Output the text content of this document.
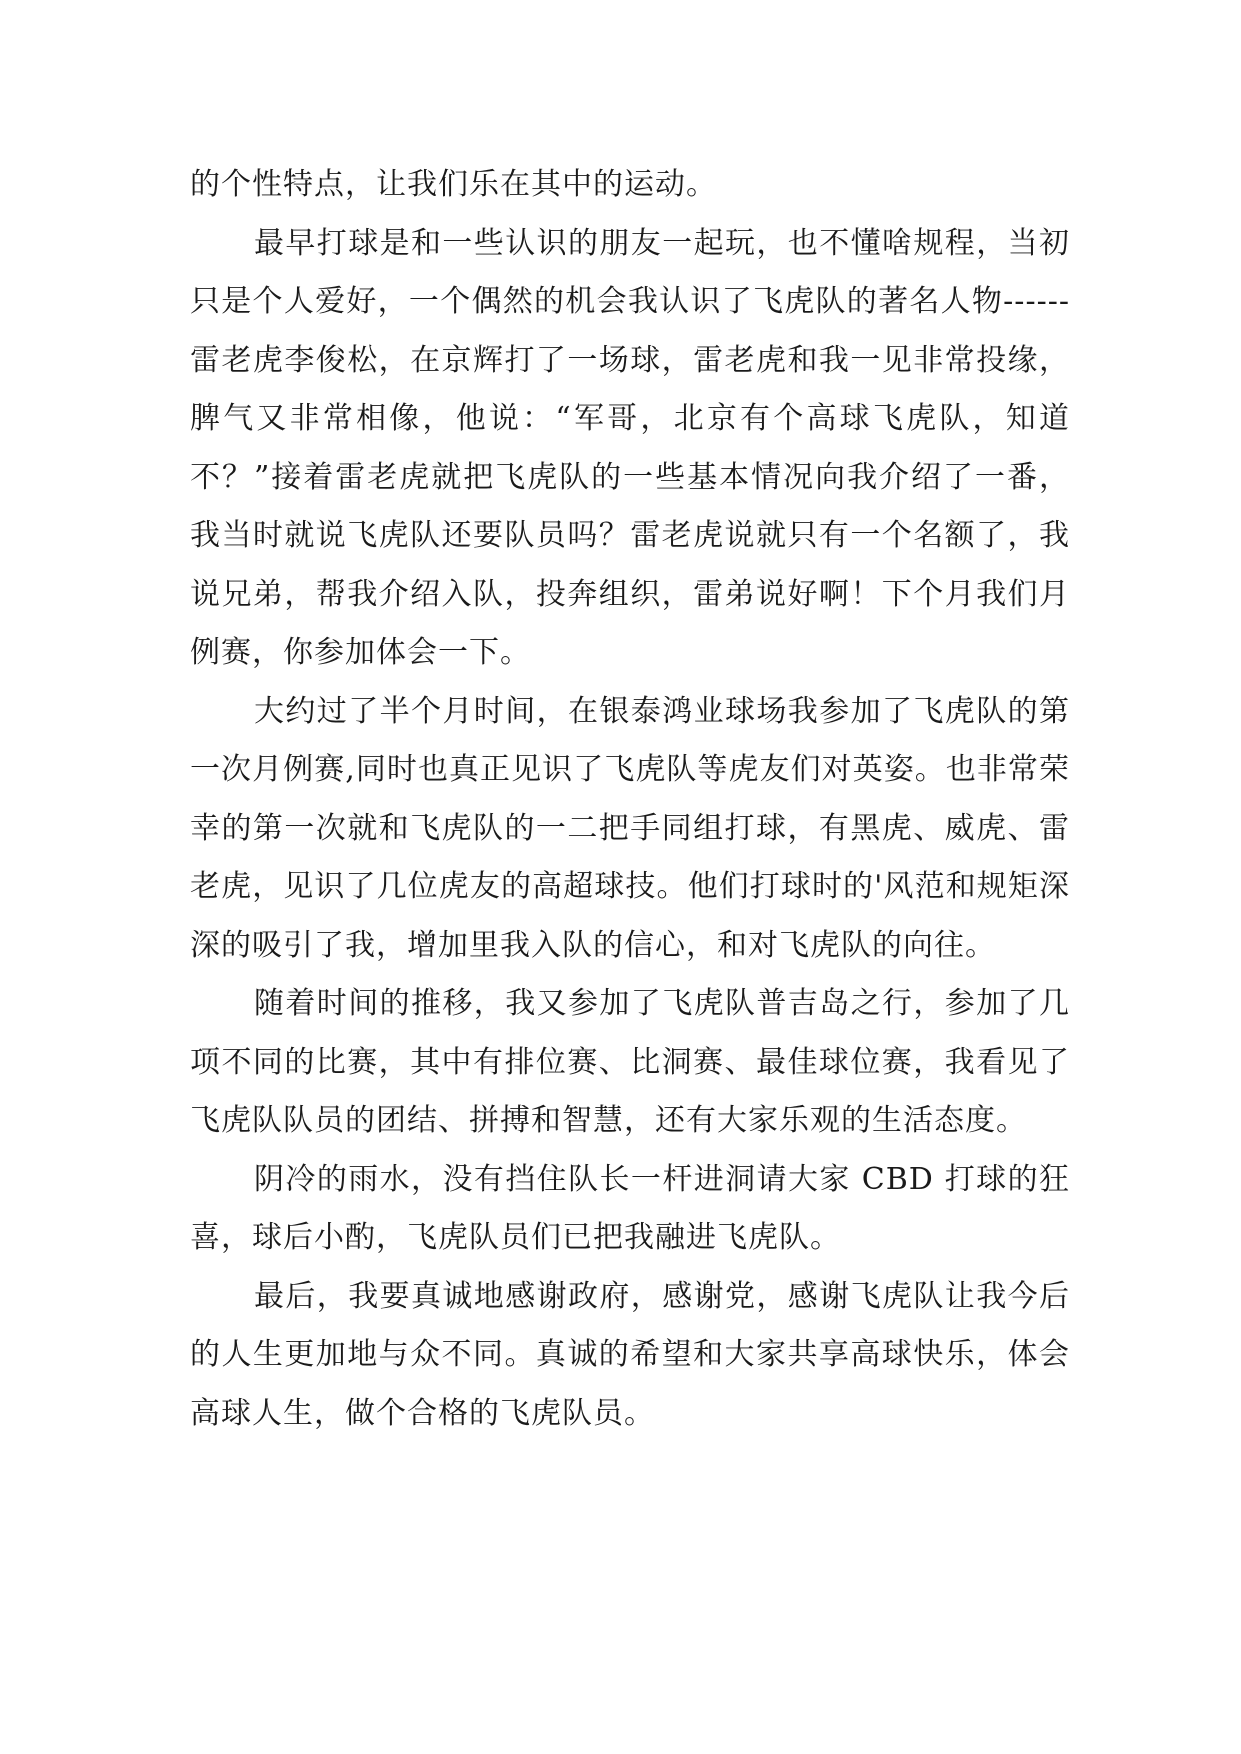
的个性特点，让我们乐在其中的运动。

最早打球是和一些认识的朋友一起玩，也不懂啥规程，当初只是个人爱好，一个偶然的机会我认识了飞虎队的著名人物------雷老虎李俊松，在京辉打了一场球，雷老虎和我一见非常投缘，脾气又非常相像，他说：“军哥，北京有个高球飞虎队，知道不？”接着雷老虎就把飞虎队的一些基本情况向我介绍了一番，我当时就说飞虎队还要队员吗？雷老虎说就只有一个名额了，我说兄弟，帮我介绍入队，投奔组织，雷弟说好啊！下个月我们月例赛，你参加体会一下。

大约过了半个月时间，在银泰鸿业球场我参加了飞虎队的第一次月例赛,同时也真正见识了飞虎队等虎友们对英姿。也非常荣幸的第一次就和飞虎队的一二把手同组打球，有黑虎、威虎、雷老虎，见识了几位虎友的高超球技。他们打球时的'风范和规矩深深的吸引了我，增加里我入队的信心，和对飞虎队的向往。

随着时间的推移，我又参加了飞虎队普吉岛之行，参加了几项不同的比赛，其中有排位赛、比洞赛、最佳球位赛，我看见了飞虎队队员的团结、拼搏和智慧，还有大家乐观的生活态度。

阴冷的雨水，没有挡住队长一杆进洞请大家 CBD 打球的狂喜，球后小酌，飞虎队员们已把我融进飞虎队。

最后，我要真诚地感谢政府，感谢党，感谢飞虎队让我今后的人生更加地与众不同。真诚的希望和大家共享高球快乐，体会高球人生，做个合格的飞虎队员。
